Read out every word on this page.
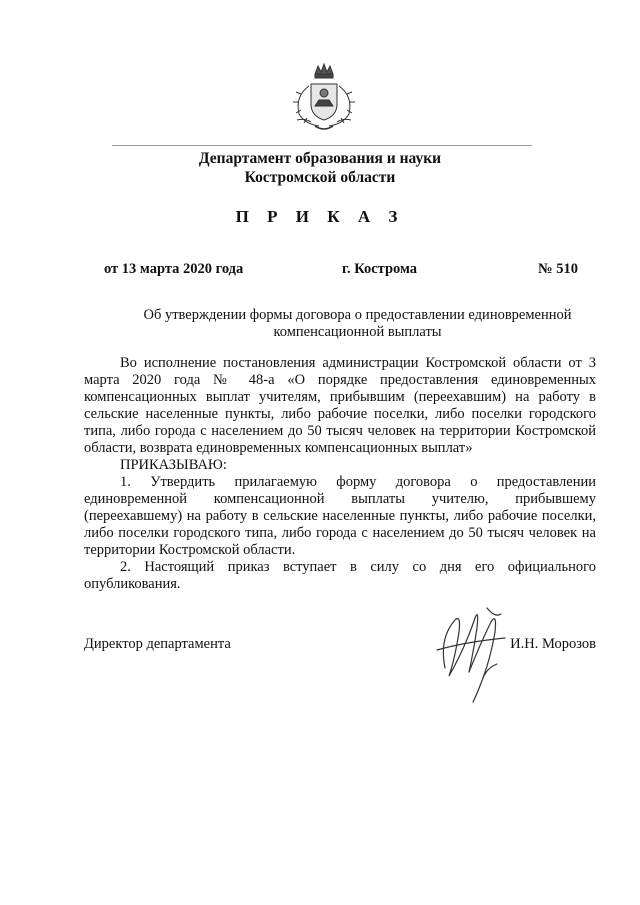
Департамент образования и науки
Костромской области
П Р И К А З
от 13 марта 2020 года	г. Кострома	№ 510
Об утверждении формы договора о предоставлении единовременной
компенсационной выплаты

Во исполнение постановления администрации Костромской области от 3 марта 2020 года № 48-а «О порядке предоставления единовременных компенсационных выплат учителям, прибывшим (переехавшим) на работу в сельские населенные пункты, либо рабочие поселки, либо поселки городского типа, либо города с населением до 50 тысяч человек на территории Костромской области, возврата единовременных компенсационных выплат»

ПРИКАЗЫВАЮ:

1. Утвердить прилагаемую форму договора о предоставлении единовременной компенсационной выплаты учителю, прибывшему (переехавшему) на работу в сельские населенные пункты, либо рабочие поселки, либо поселки городского типа, либо города с населением до 50 тысяч человек на территории Костромской области.

2. Настоящий приказ вступает в силу со дня его официального опубликования.

Директор департамента	И.Н. Морозов
